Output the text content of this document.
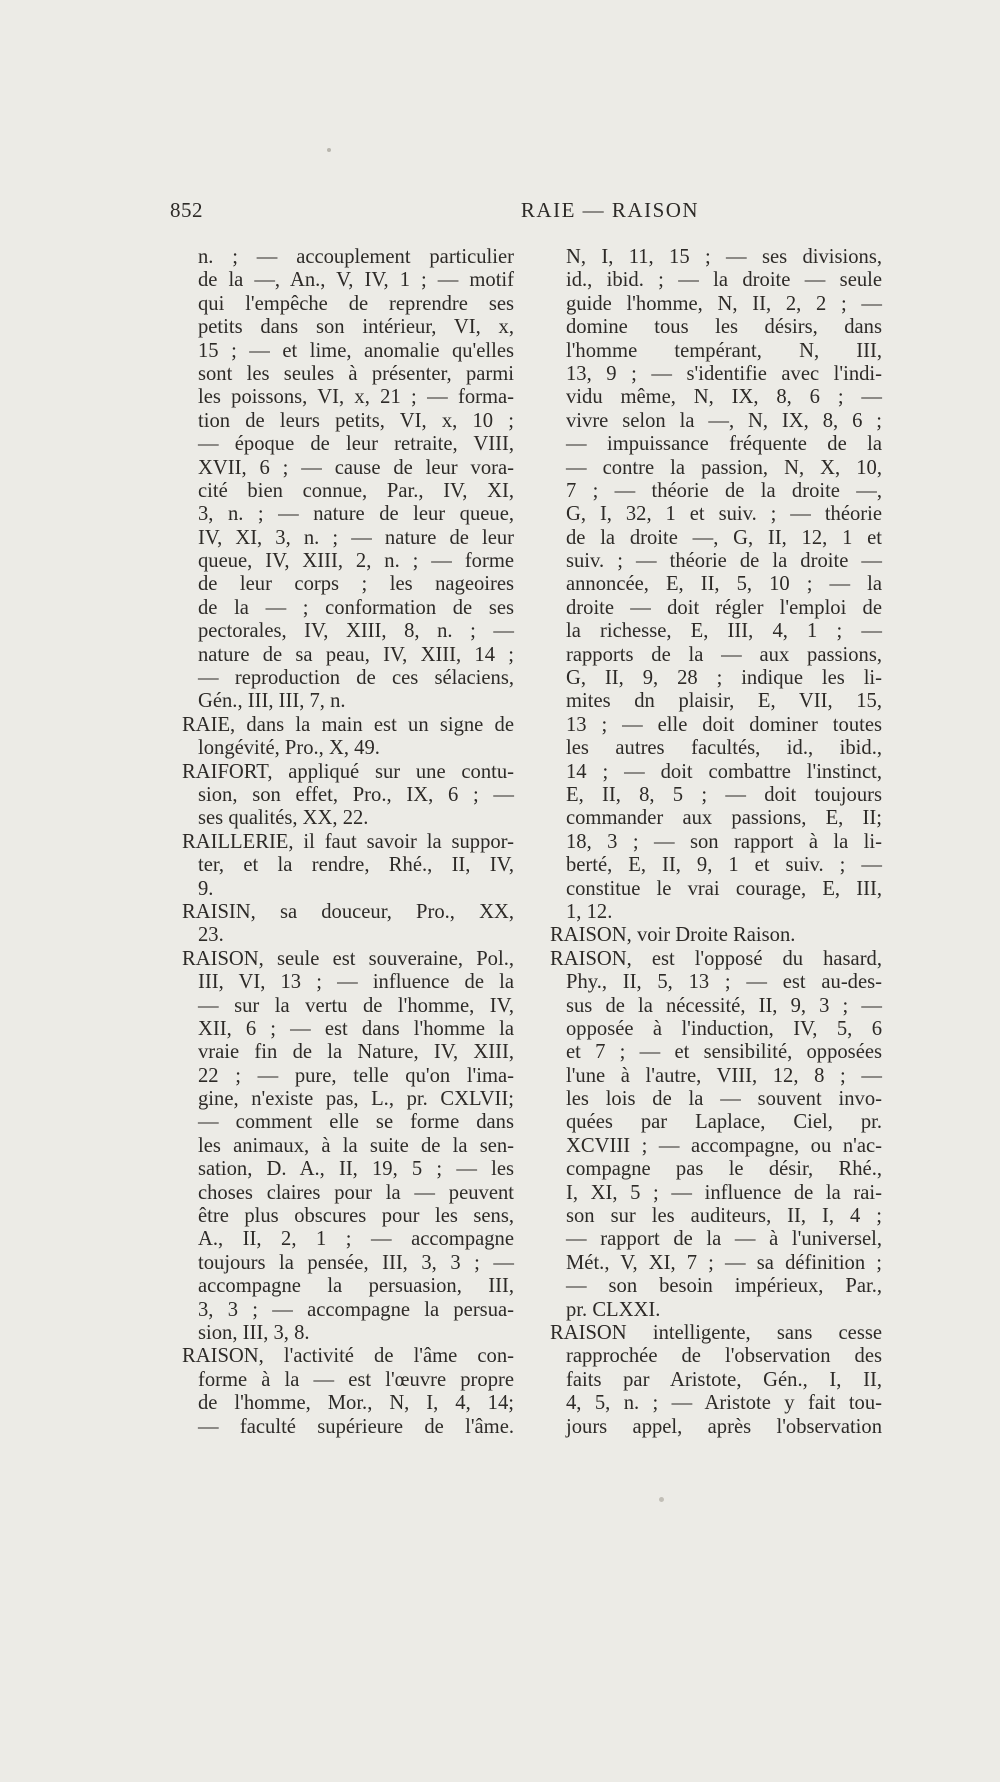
852	RAIE — RAISON
n. ; — accouplement particulier
de la —, An., V, IV, 1 ; — motif
qui l'empêche de reprendre ses
petits dans son intérieur, VI, x,
15 ; — et lime, anomalie qu'elles
sont les seules à présenter, parmi
les poissons, VI, x, 21 ; — forma-
tion de leurs petits, VI, x, 10 ;
— époque de leur retraite, VIII,
XVII, 6 ; — cause de leur vora-
cité bien connue, Par., IV, XI,
3, n. ; — nature de leur queue,
IV, XI, 3, n. ; — nature de leur
queue, IV, XIII, 2, n. ; — forme
de leur corps ; les nageoires
de la — ; conformation de ses
pectorales, IV, XIII, 8, n. ; —
nature de sa peau, IV, XIII, 14 ;
— reproduction de ces sélaciens,
Gén., III, III, 7, n.
RAIE, dans la main est un signe de
longévité, Pro., X, 49.
RAIFORT, appliqué sur une contu-
sion, son effet, Pro., IX, 6 ; —
ses qualités, XX, 22.
RAILLERIE, il faut savoir la suppor-
ter, et la rendre, Rhé., II, IV,
9.
RAISIN, sa douceur, Pro., XX,
23.
RAISON, seule est souveraine, Pol.,
III, VI, 13 ; — influence de la
— sur la vertu de l'homme, IV,
XII, 6 ; — est dans l'homme la
vraie fin de la Nature, IV, XIII,
22 ; — pure, telle qu'on l'ima-
gine, n'existe pas, L., pr. CXLVII;
— comment elle se forme dans
les animaux, à la suite de la sen-
sation, D. A., II, 19, 5 ; — les
choses claires pour la — peuvent
être plus obscures pour les sens,
A., II, 2, 1 ; — accompagne
toujours la pensée, III, 3, 3 ; —
accompagne la persuasion, III,
3, 3 ; — accompagne la persua-
sion, III, 3, 8.
RAISON, l'activité de l'âme con-
forme à la — est l'œuvre propre
de l'homme, Mor., N, I, 4, 14;
— faculté supérieure de l'âme.
N, I, 11, 15 ; — ses divisions,
id., ibid. ; — la droite — seule
guide l'homme, N, II, 2, 2 ; —
domine tous les désirs, dans
l'homme tempérant, N, III,
13, 9 ; — s'identifie avec l'indi-
vidu même, N, IX, 8, 6 ; —
vivre selon la —, N, IX, 8, 6 ;
— impuissance fréquente de la
— contre la passion, N, X, 10,
7 ; — théorie de la droite —,
G, I, 32, 1 et suiv. ; — théorie
de la droite —, G, II, 12, 1 et
suiv. ; — théorie de la droite —
annoncée, E, II, 5, 10 ; — la
droite — doit régler l'emploi de
la richesse, E, III, 4, 1 ; —
rapports de la — aux passions,
G, II, 9, 28 ; indique les li-
mites dn plaisir, E, VII, 15,
13 ; — elle doit dominer toutes
les autres facultés, id., ibid.,
14 ; — doit combattre l'instinct,
E, II, 8, 5 ; — doit toujours
commander aux passions, E, II;
18, 3 ; — son rapport à la li-
berté, E, II, 9, 1 et suiv. ; —
constitue le vrai courage, E, III,
1, 12.
RAISON, voir Droite Raison.
RAISON, est l'opposé du hasard,
Phy., II, 5, 13 ; — est au-des-
sus de la nécessité, II, 9, 3 ; —
opposée à l'induction, IV, 5, 6
et 7 ; — et sensibilité, opposées
l'une à l'autre, VIII, 12, 8 ; —
les lois de la — souvent invo-
quées par Laplace, Ciel, pr.
XCVIII ; — accompagne, ou n'ac-
compagne pas le désir, Rhé.,
I, XI, 5 ; — influence de la rai-
son sur les auditeurs, II, I, 4 ;
— rapport de la — à l'universel,
Mét., V, XI, 7 ; — sa définition ;
— son besoin impérieux, Par.,
pr. CLXXI.
RAISON intelligente, sans cesse
rapprochée de l'observation des
faits par Aristote, Gén., I, II,
4, 5, n. ; — Aristote y fait tou-
jours appel, après l'observation
